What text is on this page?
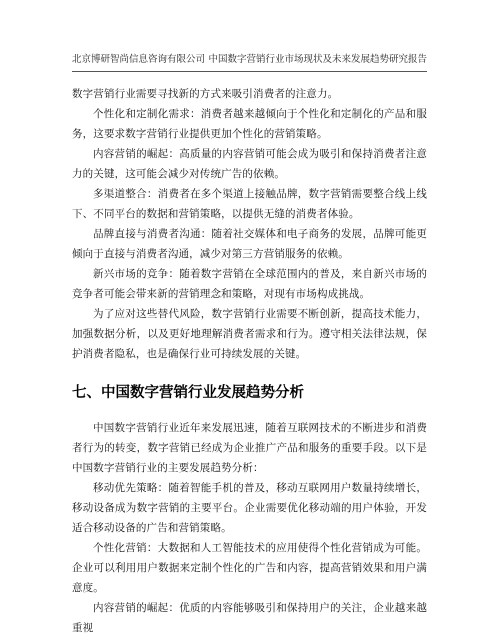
北京博研智尚信息咨询有限公司 中国数字营销行业市场现状及未来发展趋势研究报告

数字营销行业需要寻找新的方式来吸引消费者的注意力。

个性化和定制化需求：消费者越来越倾向于个性化和定制化的产品和服务，这要求数字营销行业提供更加个性化的营销策略。

内容营销的崛起：高质量的内容营销可能会成为吸引和保持消费者注意力的关键，这可能会减少对传统广告的依赖。

多渠道整合：消费者在多个渠道上接触品牌，数字营销需要整合线上线下、不同平台的数据和营销策略，以提供无缝的消费者体验。

品牌直接与消费者沟通：随着社交媒体和电子商务的发展，品牌可能更倾向于直接与消费者沟通，减少对第三方营销服务的依赖。

新兴市场的竞争：随着数字营销在全球范围内的普及，来自新兴市场的竞争者可能会带来新的营销理念和策略，对现有市场构成挑战。

为了应对这些替代风险，数字营销行业需要不断创新，提高技术能力，加强数据分析，以及更好地理解消费者需求和行为。遵守相关法律法规，保护消费者隐私，也是确保行业可持续发展的关键。

七、中国数字营销行业发展趋势分析

中国数字营销行业近年来发展迅速，随着互联网技术的不断进步和消费者行为的转变，数字营销已经成为企业推广产品和服务的重要手段。以下是中国数字营销行业的主要发展趋势分析：

移动优先策略：随着智能手机的普及，移动互联网用户数量持续增长，移动设备成为数字营销的主要平台。企业需要优化移动端的用户体验，开发适合移动设备的广告和营销策略。

个性化营销：大数据和人工智能技术的应用使得个性化营销成为可能。企业可以利用用户数据来定制个性化的广告和内容，提高营销效果和用户满意度。

内容营销的崛起：优质的内容能够吸引和保持用户的关注，企业越来越重视
